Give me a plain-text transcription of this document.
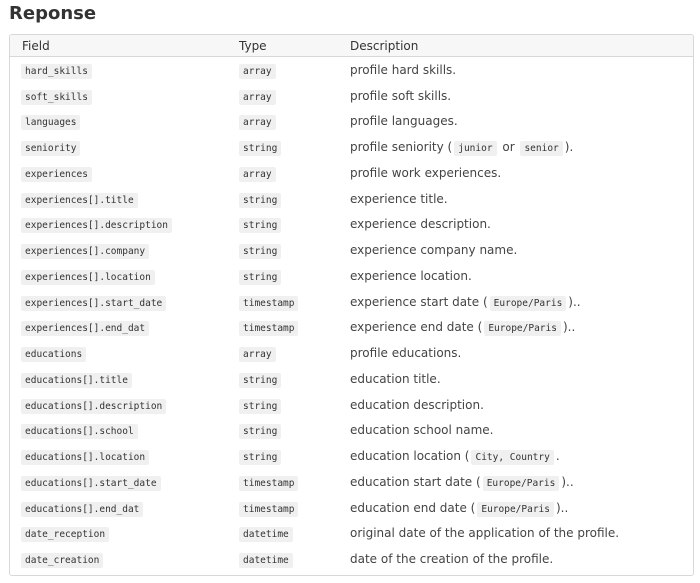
Reponse
Field	Type	Description
hard_skills	array	profile hard skills.
soft_skills	array	profile soft skills.
languages	array	profile languages.
seniority	string	profile seniority ( junior or senior ).
experiences	array	profile work experiences.
experiences[].title	string	experience title.
experiences[].description	string	experience description.
experiences[].company	string	experience company name.
experiences[].location	string	experience location.
experiences[].start_date	timestamp	experience start date ( Europe/Paris )..
experiences[].end_dat	timestamp	experience end date ( Europe/Paris )..
educations	array	profile educations.
educations[].title	string	education title.
educations[].description	string	education description.
educations[].school	string	education school name.
educations[].location	string	education location ( City, Country .
educations[].start_date	timestamp	education start date ( Europe/Paris )..
educations[].end_dat	timestamp	education end date ( Europe/Paris )..
date_reception	datetime	original date of the application of the profile.
date_creation	datetime	date of the creation of the profile.
